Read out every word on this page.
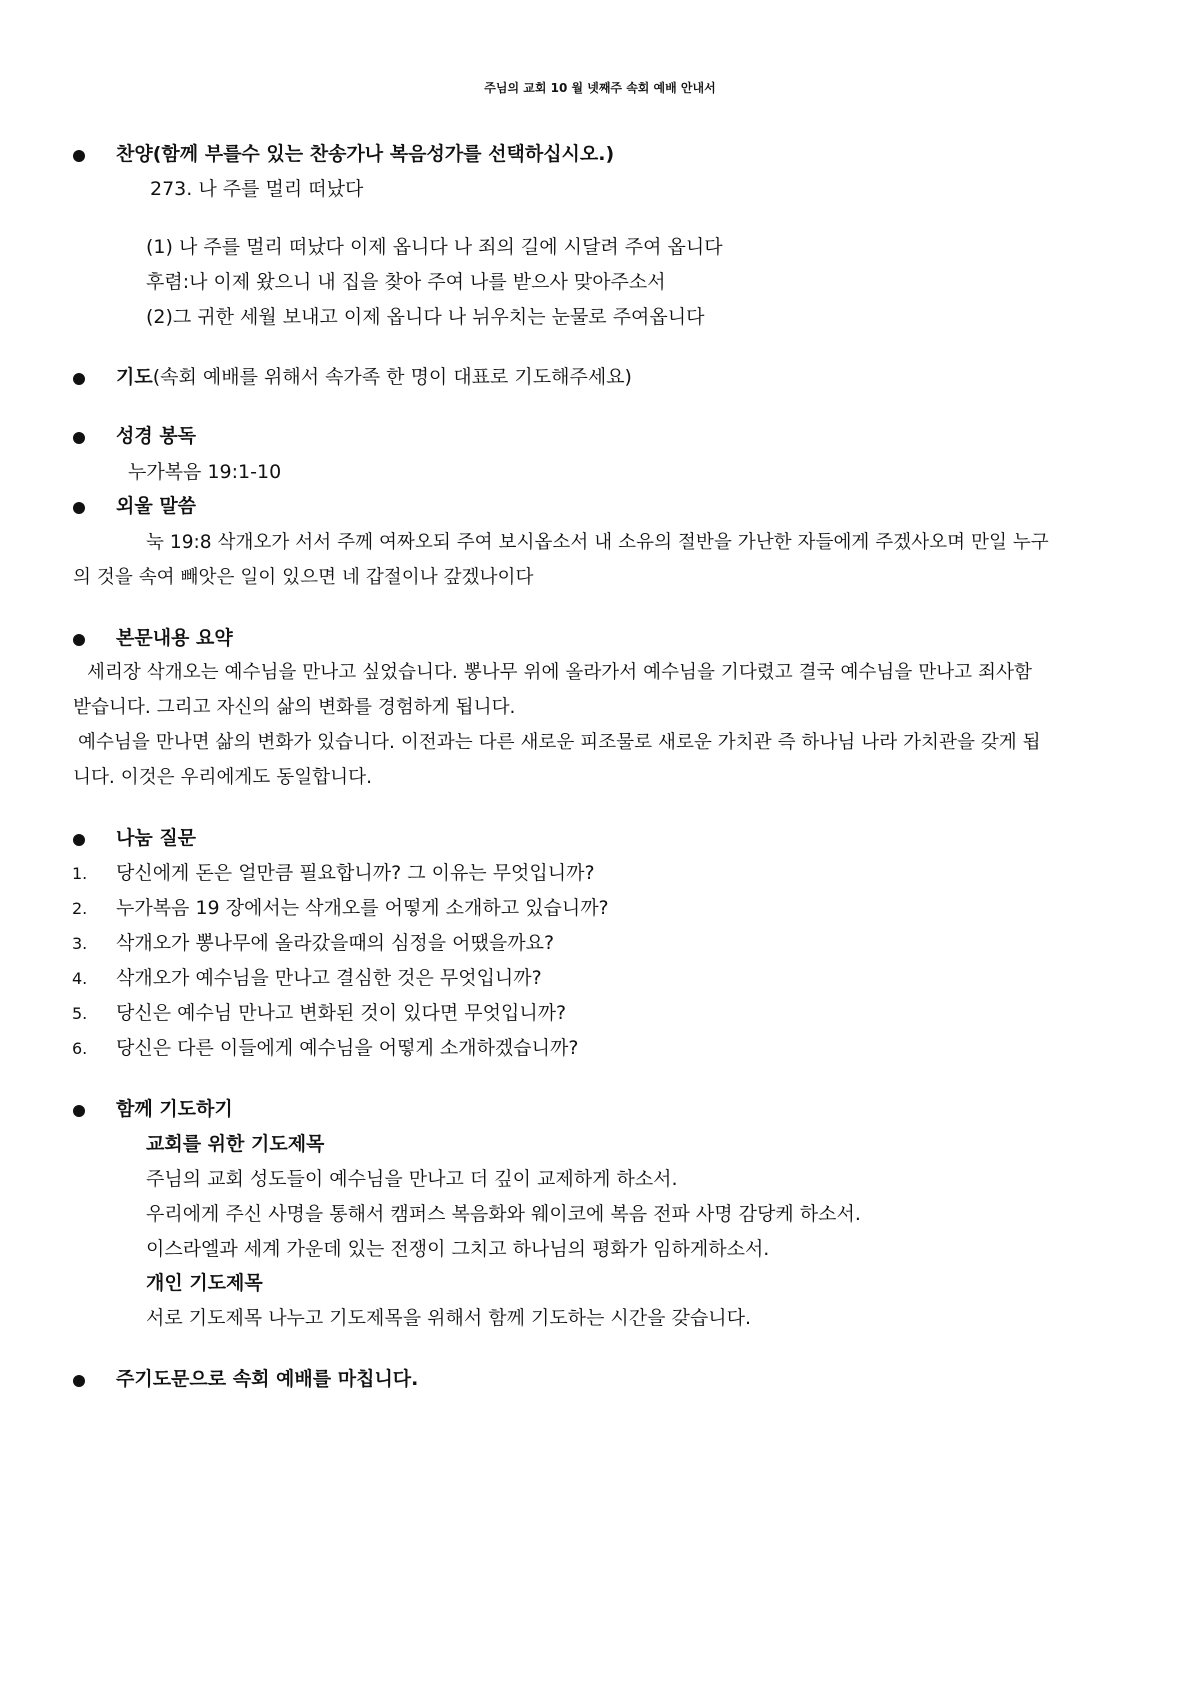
주님의 교회 10 월 넷째주 속회 예배 안내서
찬양(함께 부를수 있는 찬송가나 복음성가를 선택하십시오.)
273. 나 주를 멀리 떠났다
(1) 나 주를 멀리 떠났다 이제 옵니다 나 죄의 길에 시달려 주여 옵니다
후렴:나 이제 왔으니 내 집을 찾아 주여 나를 받으사 맞아주소서
(2)그 귀한 세월 보내고 이제 옵니다 나 뉘우치는 눈물로 주여옵니다
기도(속회 예배를 위해서 속가족 한 명이 대표로 기도해주세요)
성경 봉독
누가복음 19:1-10
외울 말씀
눅 19:8 삭개오가 서서 주께 여짜오되 주여 보시옵소서 내 소유의 절반을 가난한 자들에게 주겠사오며 만일 누구
의 것을 속여 빼앗은 일이 있으면 네 갑절이나 갚겠나이다
본문내용 요약
세리장 삭개오는 예수님을 만나고 싶었습니다. 뽕나무 위에 올라가서 예수님을 기다렸고 결국 예수님을 만나고 죄사함
받습니다. 그리고 자신의 삶의 변화를 경험하게 됩니다.
예수님을 만나면 삶의 변화가 있습니다. 이전과는 다른 새로운 피조물로 새로운 가치관 즉 하나님 나라 가치관을 갖게 됩
니다. 이것은 우리에게도 동일합니다.
나눔 질문
1. 당신에게 돈은 얼만큼 필요합니까? 그 이유는 무엇입니까?
2. 누가복음 19 장에서는 삭개오를 어떻게 소개하고 있습니까?
3. 삭개오가 뽕나무에 올라갔을때의 심정을 어땠을까요?
4. 삭개오가 예수님을 만나고 결심한 것은 무엇입니까?
5. 당신은 예수님 만나고 변화된 것이 있다면 무엇입니까?
6. 당신은 다른 이들에게 예수님을 어떻게 소개하겠습니까?
함께 기도하기
교회를 위한 기도제목
주님의 교회 성도들이 예수님을 만나고 더 깊이 교제하게 하소서.
우리에게 주신 사명을 통해서 캠퍼스 복음화와 웨이코에 복음 전파 사명 감당케 하소서.
이스라엘과 세계 가운데 있는 전쟁이 그치고 하나님의 평화가 임하게하소서.
개인 기도제목
서로 기도제목 나누고 기도제목을 위해서 함께 기도하는 시간을 갖습니다.
주기도문으로 속회 예배를 마칩니다.
